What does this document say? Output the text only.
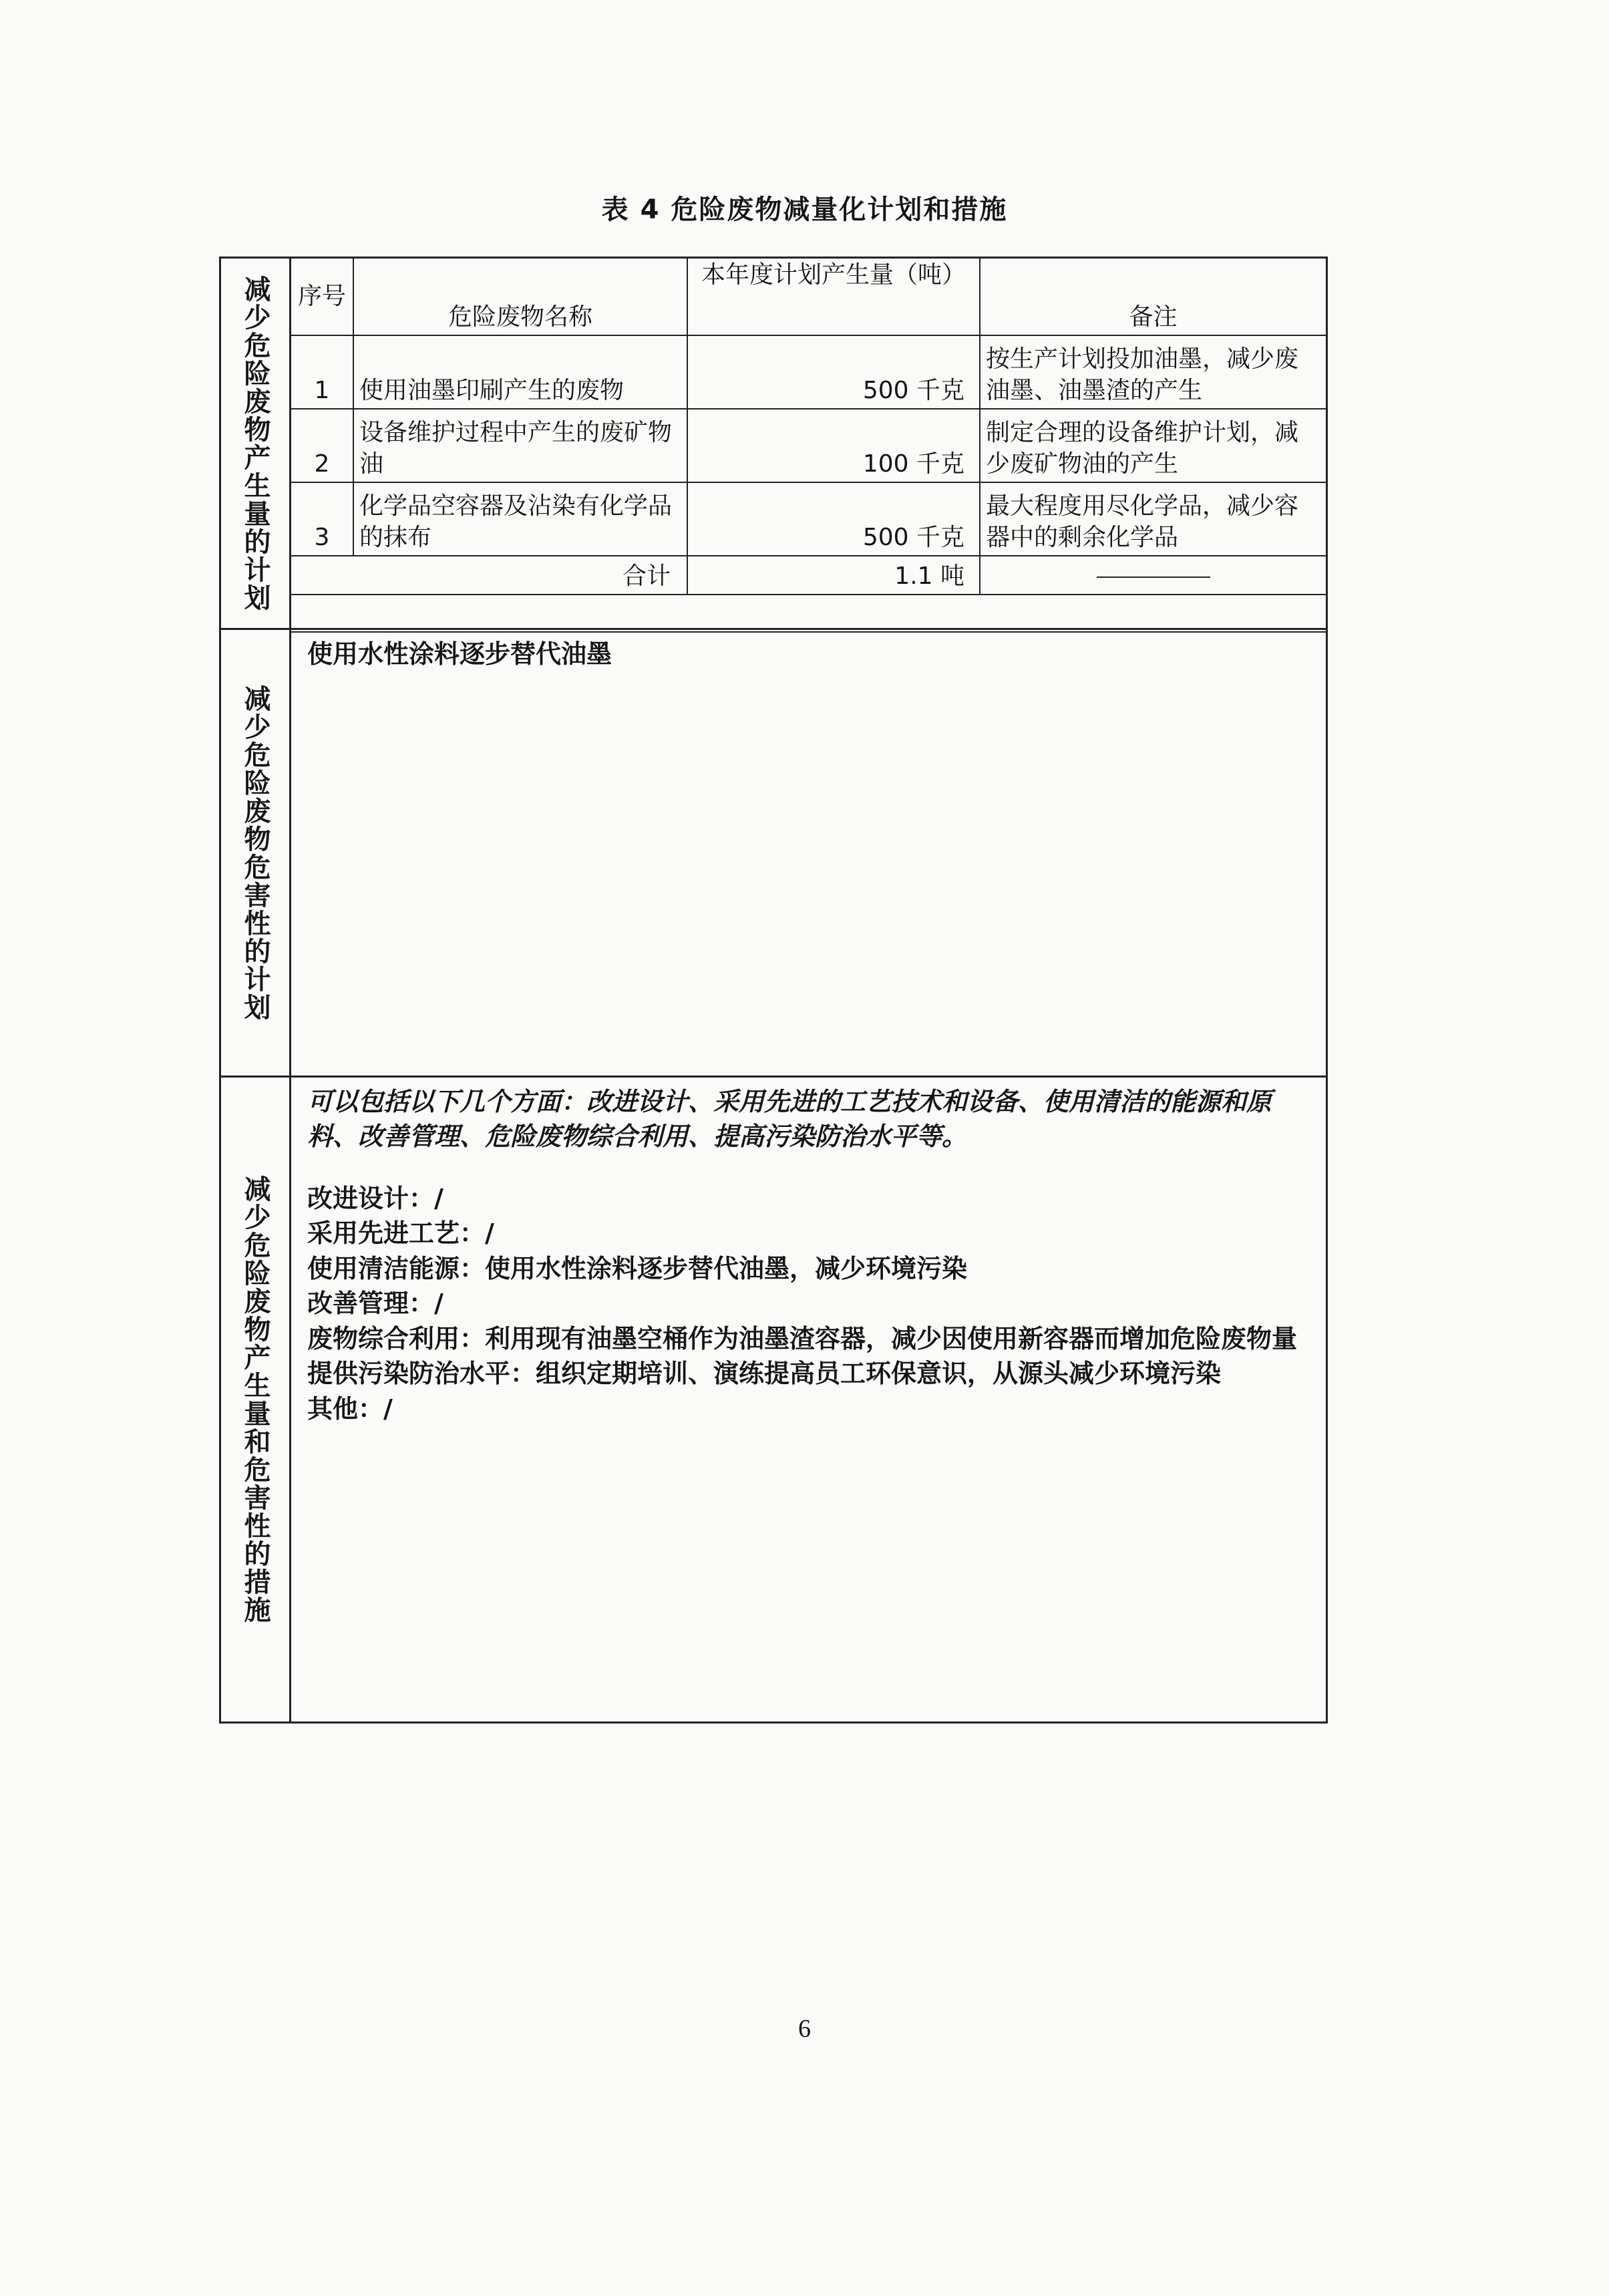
表 4 危险废物减量化计划和措施
减少危险废物产生量的计划 序号	危险废物名称	本年度计划产生量（吨）	备注
1	使用油墨印刷产生的废物	500 千克	按生产计划投加油墨，减少废油墨、油墨渣的产生
2	设备维护过程中产生的废矿物油	100 千克	制定合理的设备维护计划，减少废矿物油的产生
3	化学品空容器及沾染有化学品的抹布	500 千克	最大程度用尽化学品，减少容器中的剩余化学品
合计		1.1 吨	

减少危险废物危害性的计划
使用水性涂料逐步替代油墨
减少危险废物产生量和危害性的措施
可以包括以下几个方面：改进设计、采用先进的工艺技术和设备、使用清洁的能源和原料、改善管理、危险废物综合利用、提高污染防治水平等。
改进设计：/
采用先进工艺：/
使用清洁能源：使用水性涂料逐步替代油墨，减少环境污染
改善管理：/
废物综合利用：利用现有油墨空桶作为油墨渣容器，减少因使用新容器而增加危险废物量
提供污染防治水平：组织定期培训、演练提高员工环保意识，从源头减少环境污染
其他：/
6
